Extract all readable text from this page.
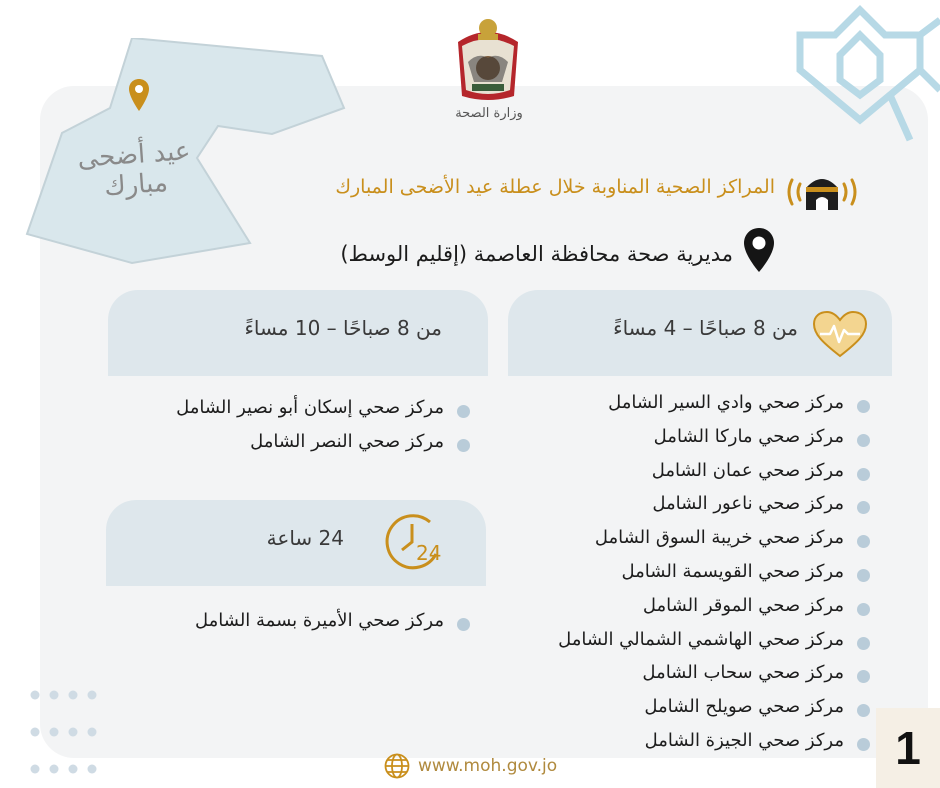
وزارة الصحة
عيد أضحى مبارك	المراكز الصحية المناوبة خلال عطلة عيد الأضحى المبارك
مديرية صحة محافظة العاصمة (إقليم الوسط)
من 8 صباحًا – 4 مساءً
من 8 صباحًا – 10 مساءً
24 ساعة
24
مركز صحي وادي السير الشامل
مركز صحي ماركا الشامل
مركز صحي عمان الشامل
مركز صحي ناعور الشامل
مركز صحي خريبة السوق الشامل
مركز صحي القويسمة الشامل
مركز صحي الموقر الشامل
مركز صحي الهاشمي الشمالي الشامل
مركز صحي سحاب الشامل
مركز صحي صويلح الشامل
مركز صحي الجيزة الشامل
مركز صحي إسكان أبو نصير الشامل
مركز صحي النصر الشامل
مركز صحي الأميرة بسمة الشامل
www.moh.gov.jo	1
